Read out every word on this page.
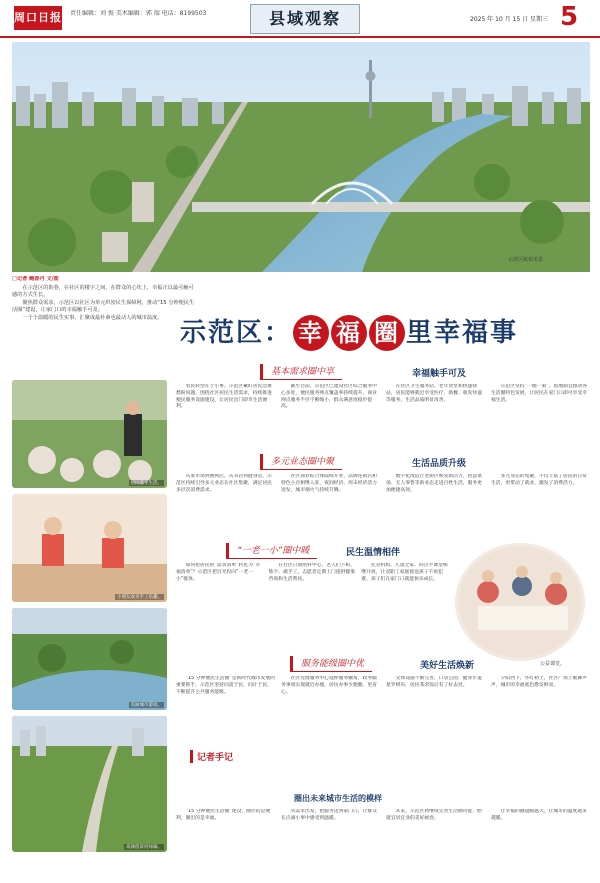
周口日报 责任编辑：刘 俊 美术编辑：郭 瑞 电话：8199503	县域观察	2025 年 10 月 15 日 星期三 5
示范区航拍美景。
□记者 鲍春丹 文/图

在示范区的街巷，在社区的楼宇之间，在群众的心坎上，幸福正以最可触可感的方式生长。

聚焦群众需求，示范区以社区为单元织密民生保障网，推动“15 分钟便民生活圈”建设，让家门口的幸福触手可及。

一个个温暖的民生实事，汇聚成最朴素也最动人的城市温度。 示范区： 幸 福 圈 里幸福事
居民悠享生活。
小朋友欢享手工乐趣。
美丽城市游园。
高颜值滨河绿廊。
基本需求圈中享	幸福触手可及
农民转型在于小事。示范区紧盯居民急难愁盼问题，围绕社区居民生活需求，持续推进便民服务设施建设，让居民出门即享生活便利。
截至目前，示范区已建设社区综合服务中心多处，便民服务网点覆盖率持续提升，商业网点服务半径不断缩小，群众满意度稳步提高。
在社区卫生服务站、老年食堂和快递驿站，居民能够就近享受医疗、助餐、收发快递等服务，生活品质明显改善。
示范区坚持“一圈一策”，因地制宜推动各生活圈特色发展，让居民在家门口即可享受幸福生活。
多元业态圈中聚	生活品质升级
从菜市场到便利店，从书店到健身房，示范区持续引导多元业态在社区集聚，满足居民多层次消费需求。
社区商业综合体陆续开业，品牌连锁店和特色小店相继入驻，夜间经济、周末经济活力迸发，城市烟火气持续升腾。
数字化改造让老街区焕发新活力，智慧菜场、无人零售等新业态走进百姓生活，服务更加便捷高效。
多元业态的集聚，不仅丰富了居民的日常生活，更带动了就业、激发了消费活力。
“一老一小”圈中暖	民生温情相伴
如何把居民的“需求清单”转化为“幸福清单”？示范区把目光投向“一老一小”群体。
在社区日间照料中心，老人们下棋、练字、做手工，志愿者定期上门提供健康咨询和生活帮扶。
托育机构、儿童之家、四点半课堂相继开放，让双职工家庭接送孩子不再犯难，孩子们在家门口就能快乐成长。
公益课堂。
服务能级圈中优	美好生活焕新
“15 分钟便民生活圈”是新时代城市发展的重要抓手，示范区坚持问需于民、问计于民，不断提升公共服务能级。
社区党群服务中心延伸服务触角，政务服务事项实现就近办理，居民办事少跑腿、更省心。
文体设施不断完善，口袋公园、健身步道星罗棋布，居民茶余饭后有了好去处。
夕阳西下，华灯初上，社区广场上歌舞声声，城市的幸福底色愈发鲜亮。
记者手记
圈出未来城市生活的模样
“15 分钟便民生活圈”建设，圈住的是便利，圈出的是幸福。
从需求出发，把服务送到家门口，让群众在点滴小事中感受到温暖。
未来，示范区将继续完善生活圈功能，绘就宜居宜业的美好画卷。
让幸福的圈越画越大，让城市的温度越来越暖。
